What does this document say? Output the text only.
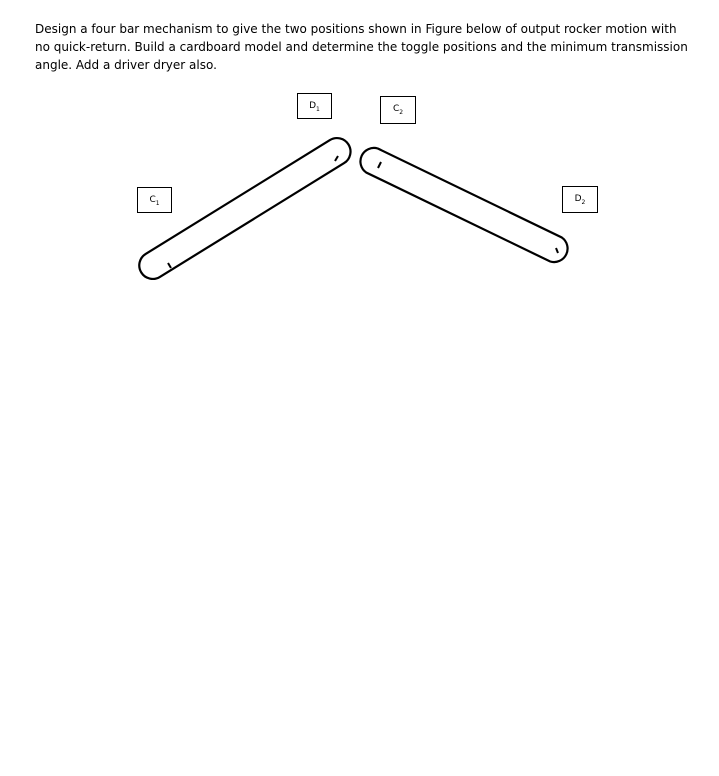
Design a four bar mechanism to give the two positions shown in Figure below of output rocker motion with no quick-return. Build a cardboard model and determine the toggle positions and the minimum transmission angle. Add a driver dryer also.

$D_1$	$C_2$
$C_1$	$D_2$
